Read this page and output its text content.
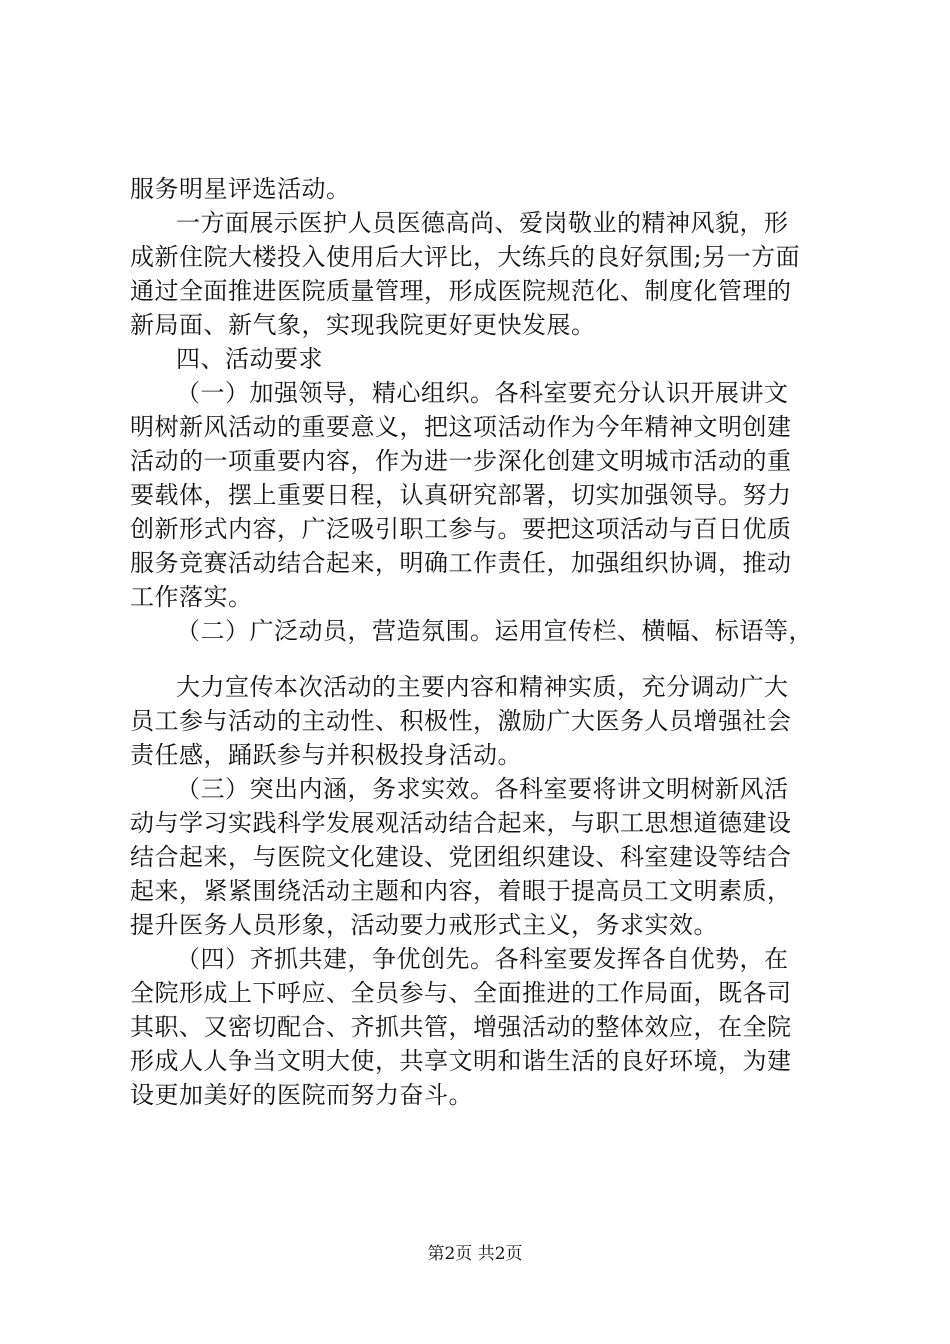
服务明星评选活动。
一方面展示医护人员医德高尚、爱岗敬业的精神风貌，形
成新住院大楼投入使用后大评比，大练兵的良好氛围;另一方面
通过全面推进医院质量管理，形成医院规范化、制度化管理的
新局面、新气象，实现我院更好更快发展。
四、活动要求
（一）加强领导，精心组织。各科室要充分认识开展讲文
明树新风活动的重要意义，把这项活动作为今年精神文明创建
活动的一项重要内容，作为进一步深化创建文明城市活动的重
要载体，摆上重要日程，认真研究部署，切实加强领导。努力
创新形式内容，广泛吸引职工参与。要把这项活动与百日优质
服务竞赛活动结合起来，明确工作责任，加强组织协调，推动
工作落实。
（二）广泛动员，营造氛围。运用宣传栏、横幅、标语等，
大力宣传本次活动的主要内容和精神实质，充分调动广大
员工参与活动的主动性、积极性，激励广大医务人员增强社会
责任感，踊跃参与并积极投身活动。
（三）突出内涵，务求实效。各科室要将讲文明树新风活
动与学习实践科学发展观活动结合起来，与职工思想道德建设
结合起来，与医院文化建设、党团组织建设、科室建设等结合
起来，紧紧围绕活动主题和内容，着眼于提高员工文明素质，
提升医务人员形象，活动要力戒形式主义，务求实效。
（四）齐抓共建，争优创先。各科室要发挥各自优势，在
全院形成上下呼应、全员参与、全面推进的工作局面，既各司
其职、又密切配合、齐抓共管，增强活动的整体效应，在全院
形成人人争当文明大使，共享文明和谐生活的良好环境，为建
设更加美好的医院而努力奋斗。
第2页 共2页
